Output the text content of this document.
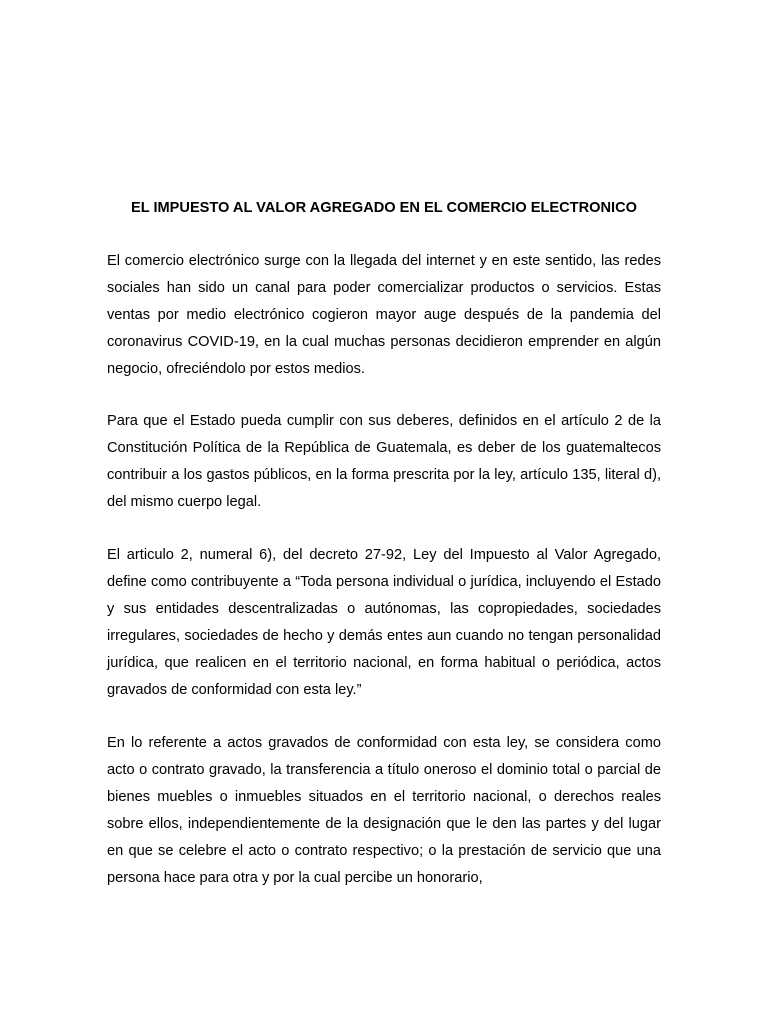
EL IMPUESTO AL VALOR AGREGADO EN EL COMERCIO ELECTRONICO

El comercio electrónico surge con la llegada del internet y en este sentido, las redes sociales han sido un canal para poder comercializar productos o servicios. Estas ventas por medio electrónico cogieron mayor auge después de la pandemia del coronavirus COVID-19, en la cual muchas personas decidieron emprender en algún negocio, ofreciéndolo por estos medios.

Para que el Estado pueda cumplir con sus deberes, definidos en el artículo 2 de la Constitución Política de la República de Guatemala, es deber de los guatemaltecos contribuir a los gastos públicos, en la forma prescrita por la ley, artículo 135, literal d), del mismo cuerpo legal.

El articulo 2, numeral 6), del decreto 27-92, Ley del Impuesto al Valor Agregado, define como contribuyente a “Toda persona individual o jurídica, incluyendo el Estado y sus entidades descentralizadas o autónomas, las copropiedades, sociedades irregulares, sociedades de hecho y demás entes aun cuando no tengan personalidad jurídica, que realicen en el territorio nacional, en forma habitual o periódica, actos gravados de conformidad con esta ley.”

En lo referente a actos gravados de conformidad con esta ley, se considera como acto o contrato gravado, la transferencia a título oneroso el dominio total o parcial de bienes muebles o inmuebles situados en el territorio nacional, o derechos reales sobre ellos, independientemente de la designación que le den las partes y del lugar en que se celebre el acto o contrato respectivo; o la prestación de servicio que una persona hace para otra y por la cual percibe un honorario,
